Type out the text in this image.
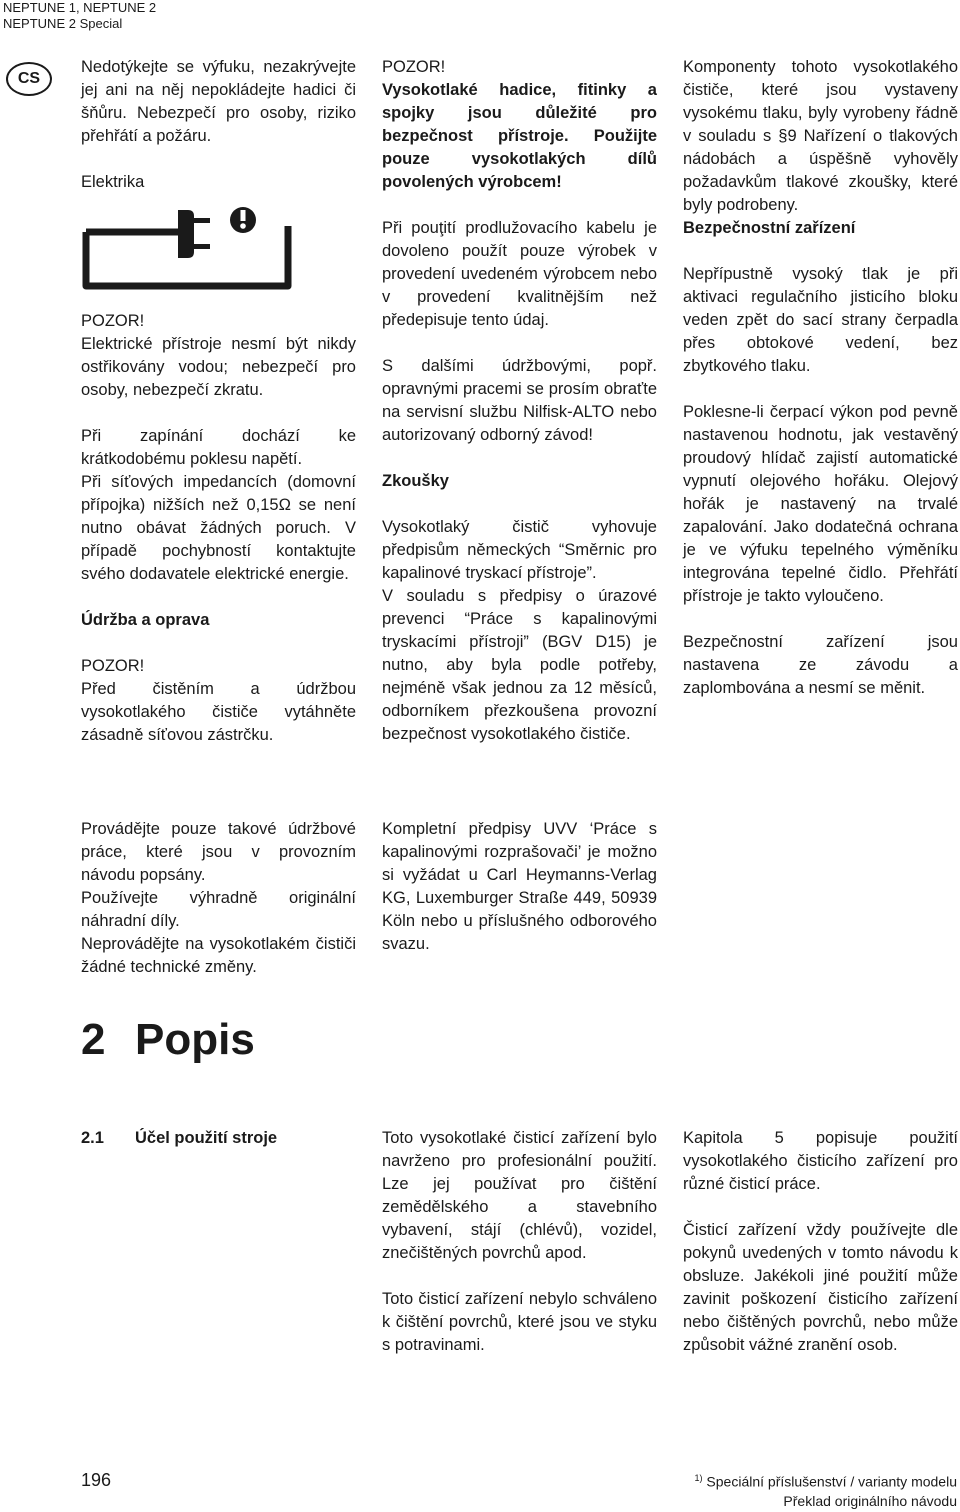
NEPTUNE 1, NEPTUNE 2
NEPTUNE 2 Special
CS

Nedotýkejte se výfuku, nezakrývejte jej ani na něj nepokládejte hadici či šňůru. Nebezpečí pro osoby, riziko přehřátí a požáru.

Elektrika

POZOR!

Elektrické přístroje nesmí být nikdy ostřikovány vodou; nebezpečí pro osoby, nebezpečí zkratu.

Při zapínání dochází ke krátkodobému poklesu napětí.

Při síťových impedancích (domovní přípojka) nižších než 0,15Ω se není nutno obávat žádných poruch. V případě pochybností kontaktujte svého dodavatele elektrické energie.

Údržba a oprava

POZOR!

Před čistěním a údržbou vysokotlakého čističe vytáhněte zásadně síťovou zástrčku.

Provádějte pouze takové údržbové práce, které jsou v provozním návodu popsány.

Používejte výhradně originální náhradní díly.

Neprovádějte na vysokotlakém čističi žádné technické změny.

POZOR!

Vysokotlaké hadice, fitinky a spojky jsou důležité pro bezpečnost přístroje. Použijte pouze vysokotlakých dílů povolených výrobcem!

Při pouţití prodlužovacího kabelu je dovoleno použít pouze výrobek v provedení uvedeném výrobcem nebo v provedení kvalitnějším než předepisuje tento údaj.

S dalšími údržbovými, popř. opravnými pracemi se prosím obraťte na servisní službu Nilfisk-ALTO nebo autorizovaný odborný závod!

Zkoušky

Vysokotlaký čistič vyhovuje předpisům německých “Směrnic pro kapalinové tryskací přístroje”.

V souladu s předpisy o úrazové prevenci “Práce s kapalinovými tryskacími přístroji” (BGV D15) je nutno, aby byla podle potřeby, nejméně však jednou za 12 měsíců, odborníkem přezkoušena provozní bezpečnost vysokotlakého čističe.

Kompletní předpisy UVV ‘Práce s kapalinovými rozprašovači’ je možno si vyžádat u Carl Heymanns-Verlag KG, Luxemburger Straße 449, 50939 Köln nebo u příslušného odborového svazu.

Komponenty tohoto vysokotlakého čističe, které jsou vystaveny vysokému tlaku, byly vyrobeny řádně v souladu s §9 Nařízení o tlakových nádobách a úspěšně vyhověly požadavkům tlakové zkoušky, které byly podrobeny.

Bezpečnostní zařízení

Nepřípustně vysoký tlak je při aktivaci regulačního jisticího bloku veden zpět do sací strany čerpadla přes obtokové vedení, bez zbytkového tlaku.

Poklesne-li čerpací výkon pod pevně nastavenou hodnotu, jak vestavěný proudový hlídač zajistí automatické vypnutí olejového hořáku. Olejový hořák je nastavený na trvalé zapalování. Jako dodatečná ochrana je ve výfuku tepelného výměníku integrována tepelné čidlo. Přehřátí přístroje je takto vyloučeno.

Bezpečnostní zařízení jsou nastavena ze závodu a zaplombována a nesmí se měnit.

2 Popis
2.1 Účel použití stroje	Toto vysokotlaké čisticí zařízení bylo navrženo pro profesionální použití. Lze jej používat pro čištění zemědělského a stavebního vybavení, stájí (chlévů), vozidel, znečištěných povrchů apod.

Toto čisticí zařízení nebylo schváleno k čištění povrchů, které jsou ve styku s potravinami.

Kapitola 5 popisuje použití vysokotlakého čisticího zařízení pro různé čisticí práce.

Čisticí zařízení vždy používejte dle pokynů uvedených v tomto návodu k obsluze. Jakékoli jiné použití může zavinit poškození čisticího zařízení nebo čištěných povrchů, nebo může způsobit vážné zranění osob.

196	$^{1)}$ Speciální příslušenství / varianty modelu
Překlad originálního návodu
